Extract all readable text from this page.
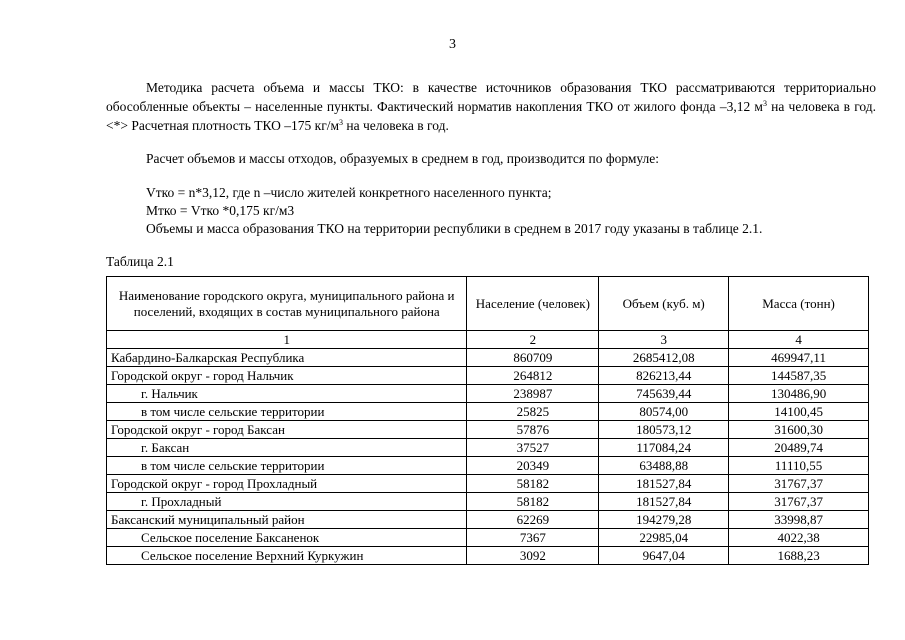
3
Методика расчета объема и массы ТКО: в качестве источников образования ТКО рассматриваются территориально обособленные объекты – населенные пункты. Фактический норматив накопления ТКО от жилого фонда –3,12 $м^3$ на человека в год.<*> Расчетная плотность ТКО –175 $кг/м^3$ на человека в год.
Расчет объемов и массы отходов, образуемых в среднем в год, производится по формуле:
Vтко = n*3,12, где n –число жителей конкретного населенного пункта;
Mтко = Vтко *0,175 кг/м3
Объемы и масса образования ТКО на территории республики в среднем в 2017 году указаны в таблице 2.1.
Таблица 2.1
Наименование городского округа, муниципального района и поселений, входящих в состав муниципального района	Население (человек)	Объем (куб. м)	Масса (тонн)
1	2	3	4
Кабардино-Балкарская Республика	860709	2685412,08	469947,11
Городской округ - город Нальчик	264812	826213,44	144587,35
г. Нальчик	238987	745639,44	130486,90
в том числе сельские территории	25825	80574,00	14100,45
Городской округ - город Баксан	57876	180573,12	31600,30
г. Баксан	37527	117084,24	20489,74
в том числе сельские территории	20349	63488,88	11110,55
Городской округ - город Прохладный	58182	181527,84	31767,37
г. Прохладный	58182	181527,84	31767,37
Баксанский муниципальный район	62269	194279,28	33998,87
Сельское поселение Баксаненок	7367	22985,04	4022,38
Сельское поселение Верхний Куркужин	3092	9647,04	1688,23
